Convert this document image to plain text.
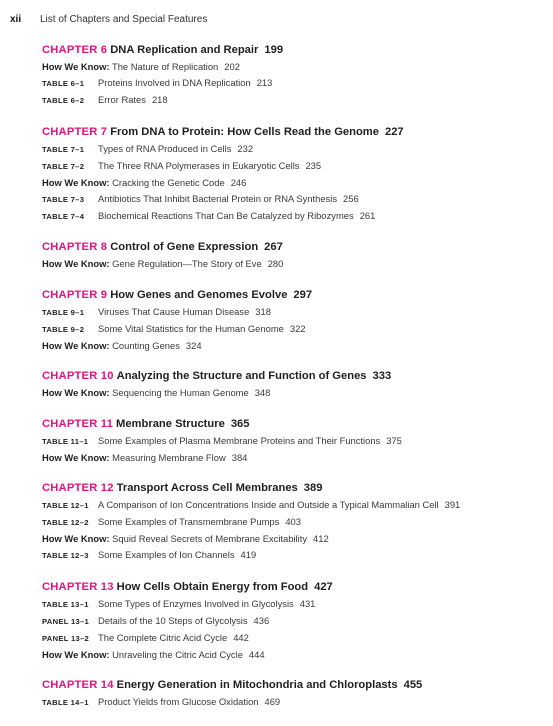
xii List of Chapters and Special Features
CHAPTER 6 DNA Replication and Repair 199
How We Know: The Nature of Replication 202
TABLE 6–1 Proteins Involved in DNA Replication 213
TABLE 6–2 Error Rates 218
CHAPTER 7 From DNA to Protein: How Cells Read the Genome 227
TABLE 7–1 Types of RNA Produced in Cells 232
TABLE 7–2 The Three RNA Polymerases in Eukaryotic Cells 235
How We Know: Cracking the Genetic Code 246
TABLE 7–3 Antibiotics That Inhibit Bacterial Protein or RNA Synthesis 256
TABLE 7–4 Biochemical Reactions That Can Be Catalyzed by Ribozymes 261
CHAPTER 8 Control of Gene Expression 267
How We Know: Gene Regulation—The Story of Eve 280
CHAPTER 9 How Genes and Genomes Evolve 297
TABLE 9–1 Viruses That Cause Human Disease 318
TABLE 9–2 Some Vital Statistics for the Human Genome 322
How We Know: Counting Genes 324
CHAPTER 10 Analyzing the Structure and Function of Genes 333
How We Know: Sequencing the Human Genome 348
CHAPTER 11 Membrane Structure 365
TABLE 11–1 Some Examples of Plasma Membrane Proteins and Their Functions 375
How We Know: Measuring Membrane Flow 384
CHAPTER 12 Transport Across Cell Membranes 389
TABLE 12–1 A Comparison of Ion Concentrations Inside and Outside a Typical Mammalian Cell 391
TABLE 12–2 Some Examples of Transmembrane Pumps 403
How We Know: Squid Reveal Secrets of Membrane Excitability 412
TABLE 12–3 Some Examples of Ion Channels 419
CHAPTER 13 How Cells Obtain Energy from Food 427
TABLE 13–1 Some Types of Enzymes Involved in Glycolysis 431
PANEL 13–1 Details of the 10 Steps of Glycolysis 436
PANEL 13–2 The Complete Citric Acid Cycle 442
How We Know: Unraveling the Citric Acid Cycle 444
CHAPTER 14 Energy Generation in Mitochondria and Chloroplasts 455
TABLE 14–1 Product Yields from Glucose Oxidation 469
